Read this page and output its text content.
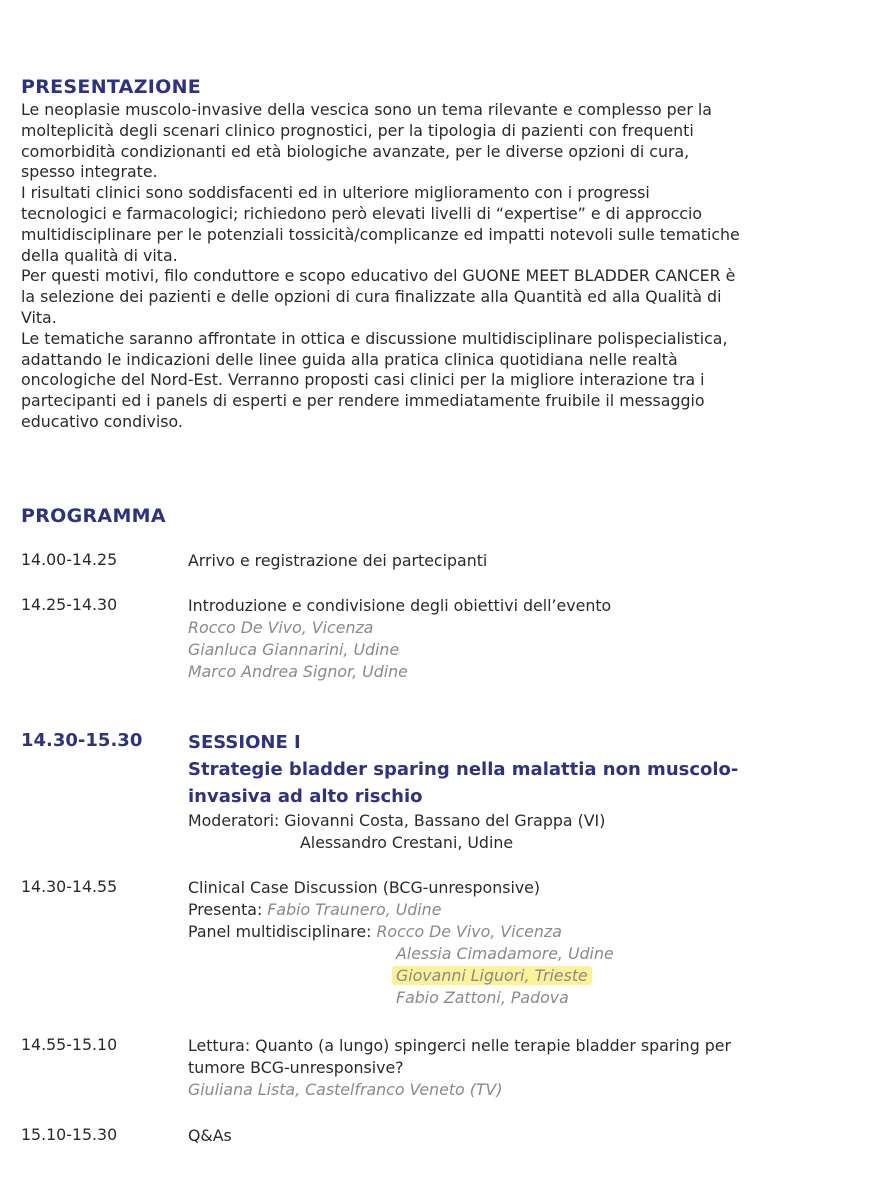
PRESENTAZIONE

Le neoplasie muscolo-invasive della vescica sono un tema rilevante e complesso per la

molteplicità degli scenari clinico prognostici, per la tipologia di pazienti con frequenti

comorbidità condizionanti ed età biologiche avanzate, per le diverse opzioni di cura,

spesso integrate.

I risultati clinici sono soddisfacenti ed in ulteriore miglioramento con i progressi

tecnologici e farmacologici; richiedono però elevati livelli di “expertise” e di approccio

multidisciplinare per le potenziali tossicità/complicanze ed impatti notevoli sulle tematiche

della qualità di vita.

Per questi motivi, filo conduttore e scopo educativo del GUONE MEET BLADDER CANCER è

la selezione dei pazienti e delle opzioni di cura finalizzate alla Quantità ed alla Qualità di

Vita.

Le tematiche saranno affrontate in ottica e discussione multidisciplinare polispecialistica,

adattando le indicazioni delle linee guida alla pratica clinica quotidiana nelle realtà

oncologiche del Nord-Est. Verranno proposti casi clinici per la migliore interazione tra i

partecipanti ed i panels di esperti e per rendere immediatamente fruibile il messaggio

educativo condiviso.

PROGRAMMA
14.00-14.25	Arrivo e registrazione dei partecipanti
14.25-14.30	Introduzione e condivisione degli obiettivi dell’evento
Rocco De Vivo, Vicenza
Gianluca Giannarini, Udine
Marco Andrea Signor, Udine
14.30-15.30	SESSIONE I
Strategie bladder sparing nella malattia non muscolo-
invasiva ad alto rischio
Moderatori: Giovanni Costa, Bassano del Grappa (VI)
Alessandro Crestani, Udine
14.30-14.55	Clinical Case Discussion (BCG-unresponsive)
Presenta: Fabio Traunero, Udine
Panel multidisciplinare: Rocco De Vivo, Vicenza
Alessia Cimadamore, Udine
Giovanni Liguori, Trieste
Fabio Zattoni, Padova
14.55-15.10	Lettura: Quanto (a lungo) spingerci nelle terapie bladder sparing per
tumore BCG-unresponsive?
Giuliana Lista, Castelfranco Veneto (TV)
15.10-15.30	Q&As
